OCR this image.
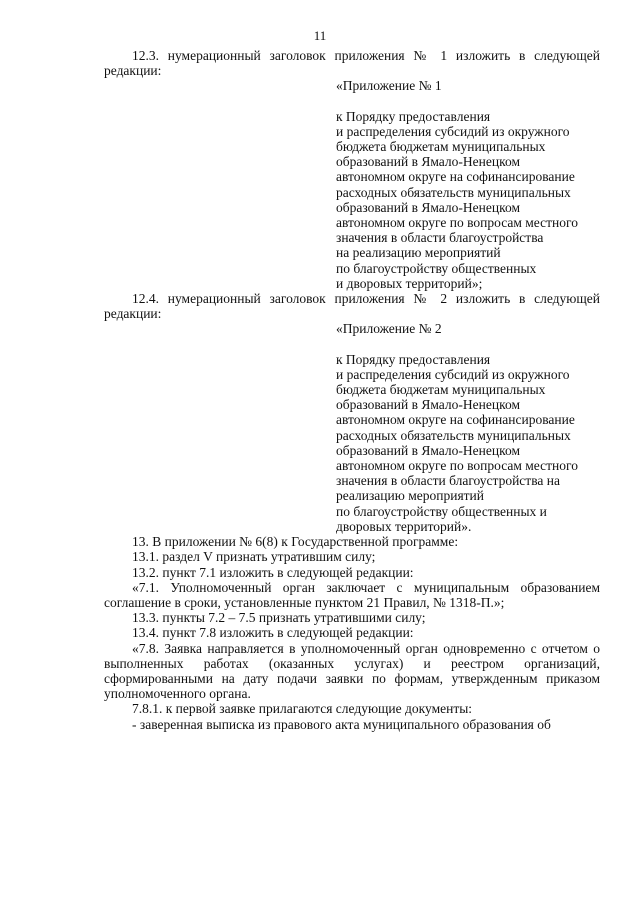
11

12.3. нумерационный заголовок приложения № 1 изложить в следующей редакции:

«Приложение № 1
к Порядку предоставления
и распределения субсидий из окружного
бюджета бюджетам муниципальных
образований в Ямало-Ненецком
автономном округе на софинансирование
расходных обязательств муниципальных
образований в Ямало-Ненецком
автономном округе по вопросам местного
значения в области благоустройства
на реализацию мероприятий
по благоустройству общественных
и дворовых территорий»;

12.4. нумерационный заголовок приложения № 2 изложить в следующей редакции:

«Приложение № 2
к Порядку предоставления
и распределения субсидий из окружного
бюджета бюджетам муниципальных
образований в Ямало-Ненецком
автономном округе на софинансирование
расходных обязательств муниципальных
образований в Ямало-Ненецком
автономном округе по вопросам местного
значения в области благоустройства на
реализацию мероприятий
по благоустройству общественных и
дворовых территорий».

13. В приложении № 6(8) к Государственной программе:

13.1. раздел V признать утратившим силу;

13.2. пункт 7.1 изложить в следующей редакции:

«7.1. Уполномоченный орган заключает с муниципальным образованием соглашение в сроки, установленные пунктом 21 Правил, № 1318-П.»;

13.3. пункты 7.2 – 7.5 признать утратившими силу;

13.4. пункт 7.8 изложить в следующей редакции:

«7.8. Заявка направляется в уполномоченный орган одновременно с отчетом о выполненных работах (оказанных услугах) и реестром организаций, сформированными на дату подачи заявки по формам, утвержденным приказом уполномоченного органа.

7.8.1. к первой заявке прилагаются следующие документы:

- заверенная выписка из правового акта муниципального образования об
